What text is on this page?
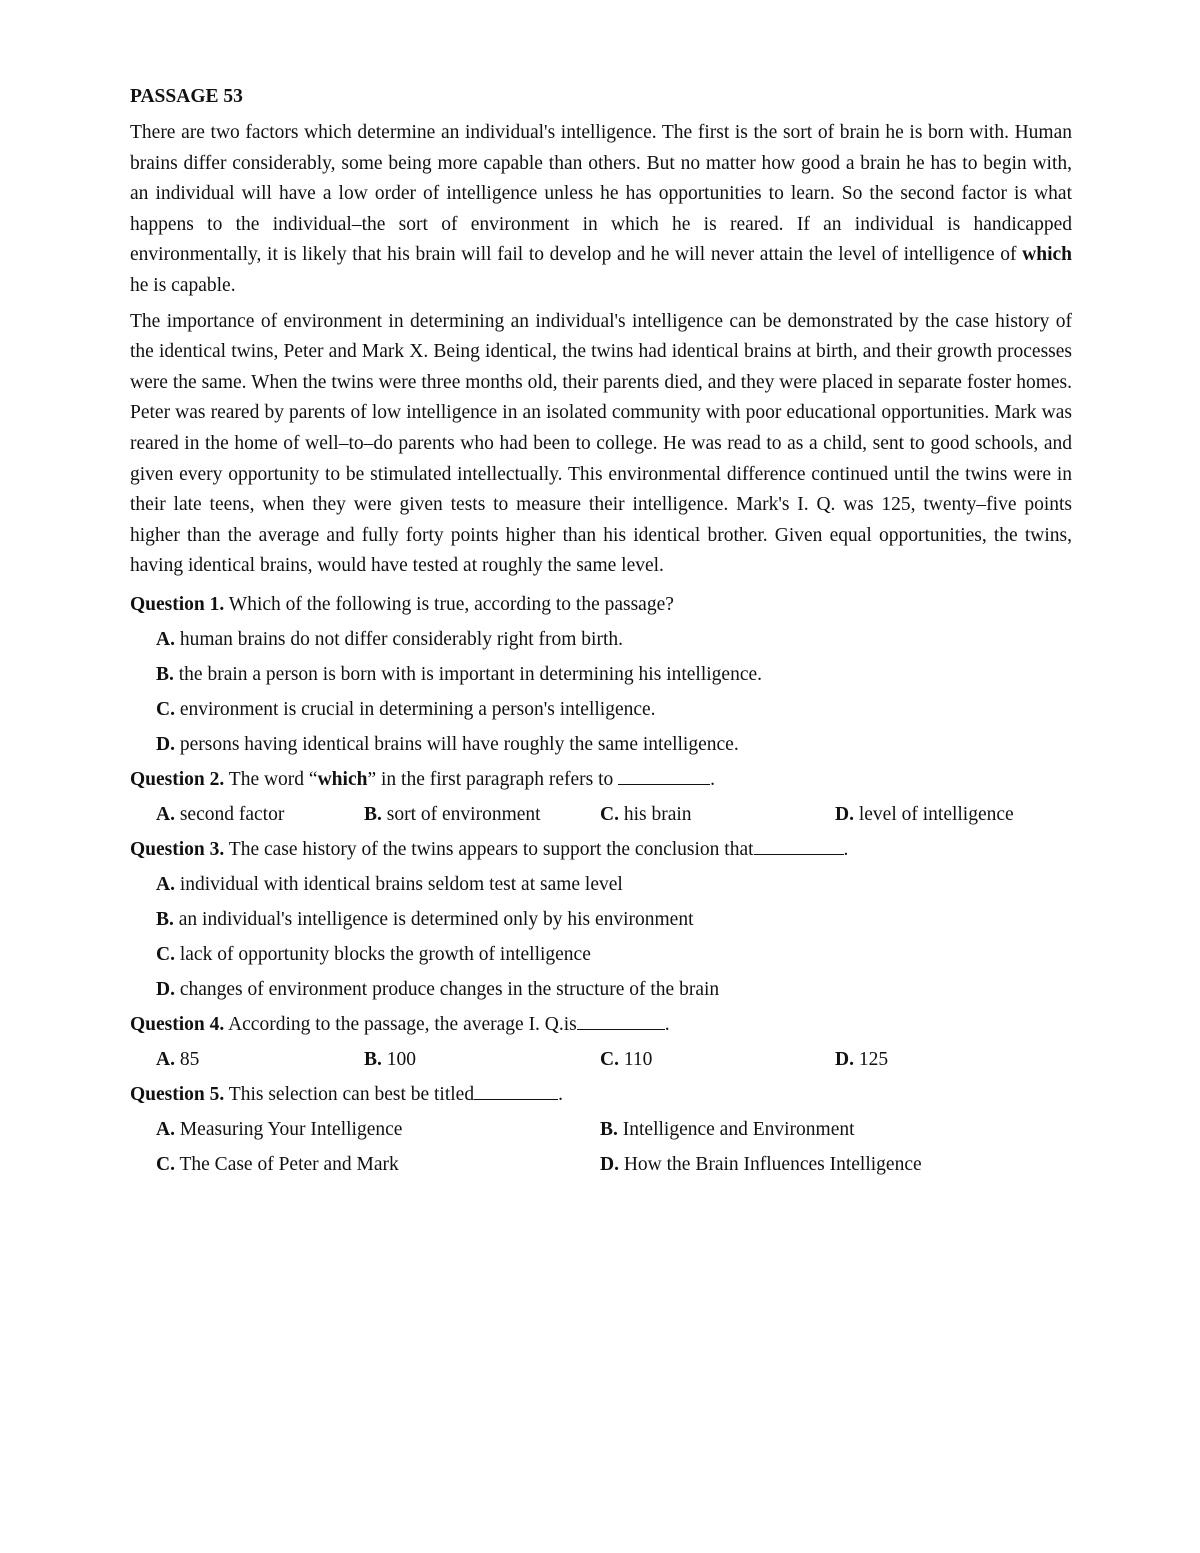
PASSAGE 53

There are two factors which determine an individual's intelligence. The first is the sort of brain he is born with. Human brains differ considerably, some being more capable than others. But no matter how good a brain he has to begin with, an individual will have a low order of intelligence unless he has opportunities to learn. So the second factor is what happens to the individual–the sort of environment in which he is reared. If an individual is handicapped environmentally, it is likely that his brain will fail to develop and he will never attain the level of intelligence of which he is capable.

The importance of environment in determining an individual's intelligence can be demonstrated by the case history of the identical twins, Peter and Mark X. Being identical, the twins had identical brains at birth, and their growth processes were the same. When the twins were three months old, their parents died, and they were placed in separate foster homes. Peter was reared by parents of low intelligence in an isolated community with poor educational opportunities. Mark was reared in the home of well–to–do parents who had been to college. He was read to as a child, sent to good schools, and given every opportunity to be stimulated intellectually. This environmental difference continued until the twins were in their late teens, when they were given tests to measure their intelligence. Mark's I. Q. was 125, twenty–five points higher than the average and fully forty points higher than his identical brother. Given equal opportunities, the twins, having identical brains, would have tested at roughly the same level.

Question 1. Which of the following is true, according to the passage?
A. human brains do not differ considerably right from birth.
B. the brain a person is born with is important in determining his intelligence.
C. environment is crucial in determining a person's intelligence.
D. persons having identical brains will have roughly the same intelligence.
Question 2. The word “which” in the first paragraph refers to	.
A. second factor	B. sort of environment	C. his brain	D. level of intelligence
Question 3. The case history of the twins appears to support the conclusion that	.
A. individual with identical brains seldom test at same level
B. an individual's intelligence is determined only by his environment
C. lack of opportunity blocks the growth of intelligence
D. changes of environment produce changes in the structure of the brain
Question 4. According to the passage, the average I. Q.is	.
A. 85	B. 100	C. 110	D. 125
Question 5. This selection can best be titled	.
A. Measuring Your Intelligence	B. Intelligence and Environment
C. The Case of Peter and Mark	D. How the Brain Influences Intelligence
